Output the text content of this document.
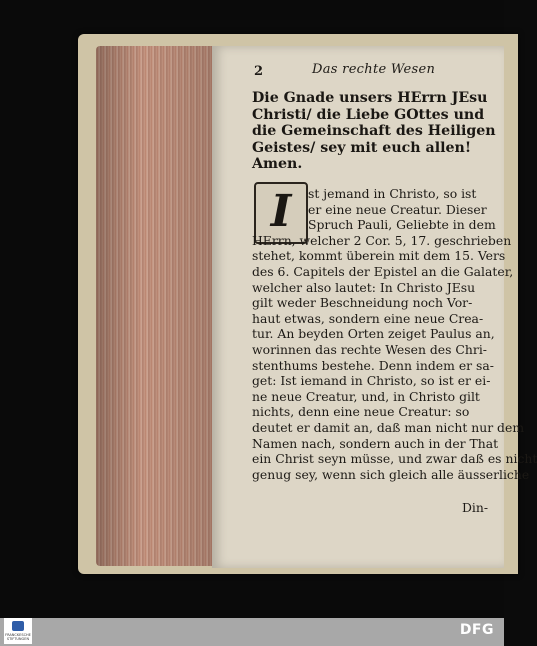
2	Das rechte Wesen
Die Gnade unsers HErrn JEsu Christi/ die Liebe GOttes und die Gemeinschaft des Heiligen Geistes/ sey mit euch allen! Amen.
I	st jemand in Christo, so ist
er eine neue Creatur. Dieser
Spruch Pauli, Geliebte in dem
HErrn, welcher 2 Cor. 5, 17. geschrieben
stehet, kommt überein mit dem 15. Vers
des 6. Capitels der Epistel an die Galater,
welcher also lautet: In Christo JEsu
gilt weder Beschneidung noch Vor-
haut etwas, sondern eine neue Crea-
tur. An beyden Orten zeiget Paulus an,
worinnen das rechte Wesen des Chri-
stenthums bestehe. Denn indem er sa-
get: Ist iemand in Christo, so ist er ei-
ne neue Creatur, und, in Christo gilt
nichts, denn eine neue Creatur: so
deutet er damit an, daß man nicht nur dem
Namen nach, sondern auch in der That
ein Christ seyn müsse, und zwar daß es nicht
genug sey, wenn sich gleich alle äusserliche
Din-
FRANCKESCHE STIFTUNGEN
DFG
